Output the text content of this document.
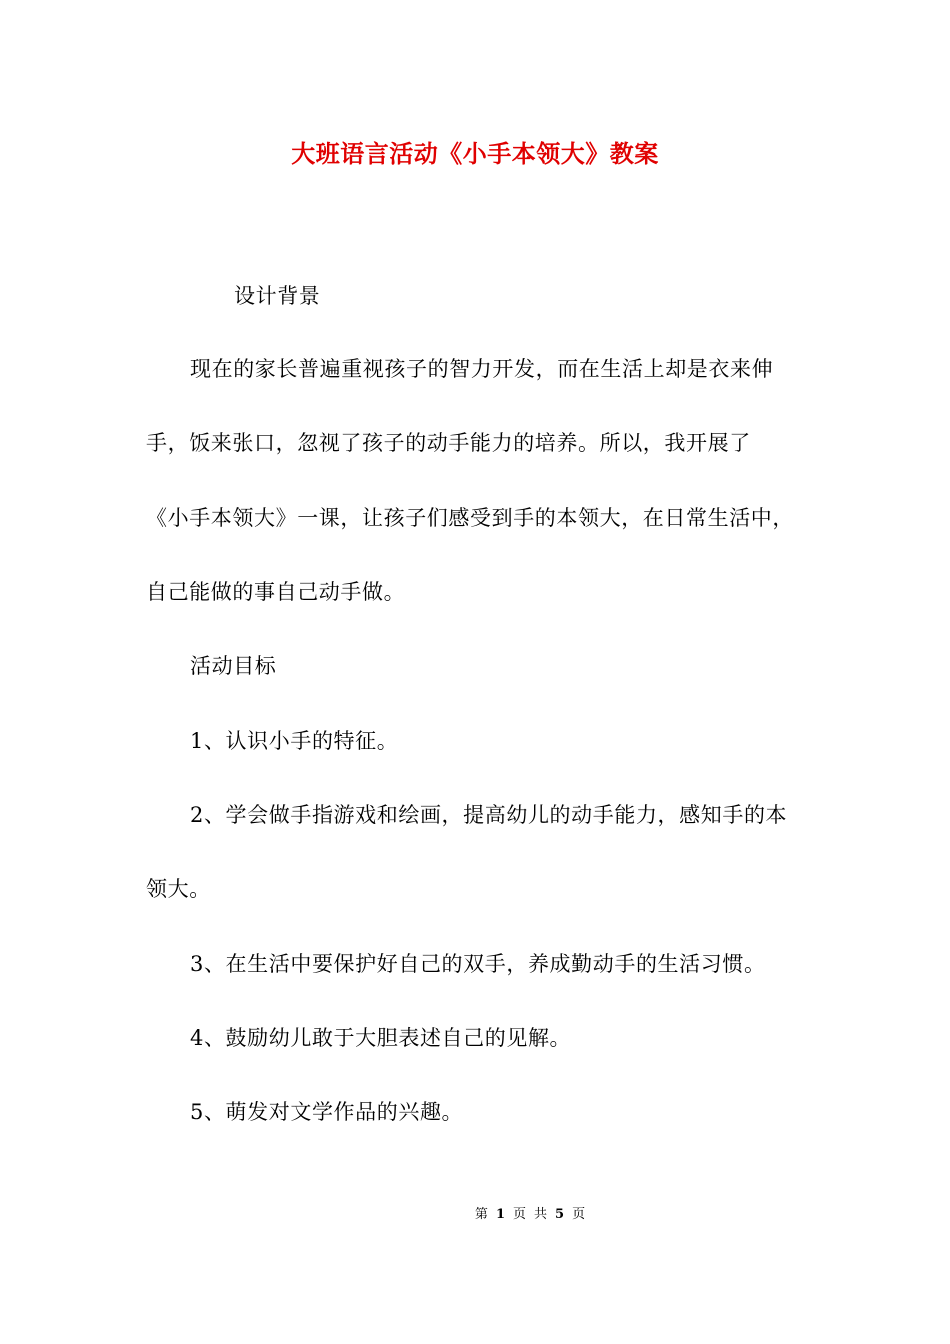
大班语言活动《小手本领大》教案
设计背景
现在的家长普遍重视孩子的智力开发，而在生活上却是衣来伸
手，饭来张口，忽视了孩子的动手能力的培养。所以，我开展了
《小手本领大》一课，让孩子们感受到手的本领大，在日常生活中，
自己能做的事自己动手做。
活动目标
1、认识小手的特征。
2、学会做手指游戏和绘画，提高幼儿的动手能力，感知手的本
领大。
3、在生活中要保护好自己的双手，养成勤动手的生活习惯。
4、鼓励幼儿敢于大胆表述自己的见解。
5、萌发对文学作品的兴趣。
第 1 页 共 5 页
